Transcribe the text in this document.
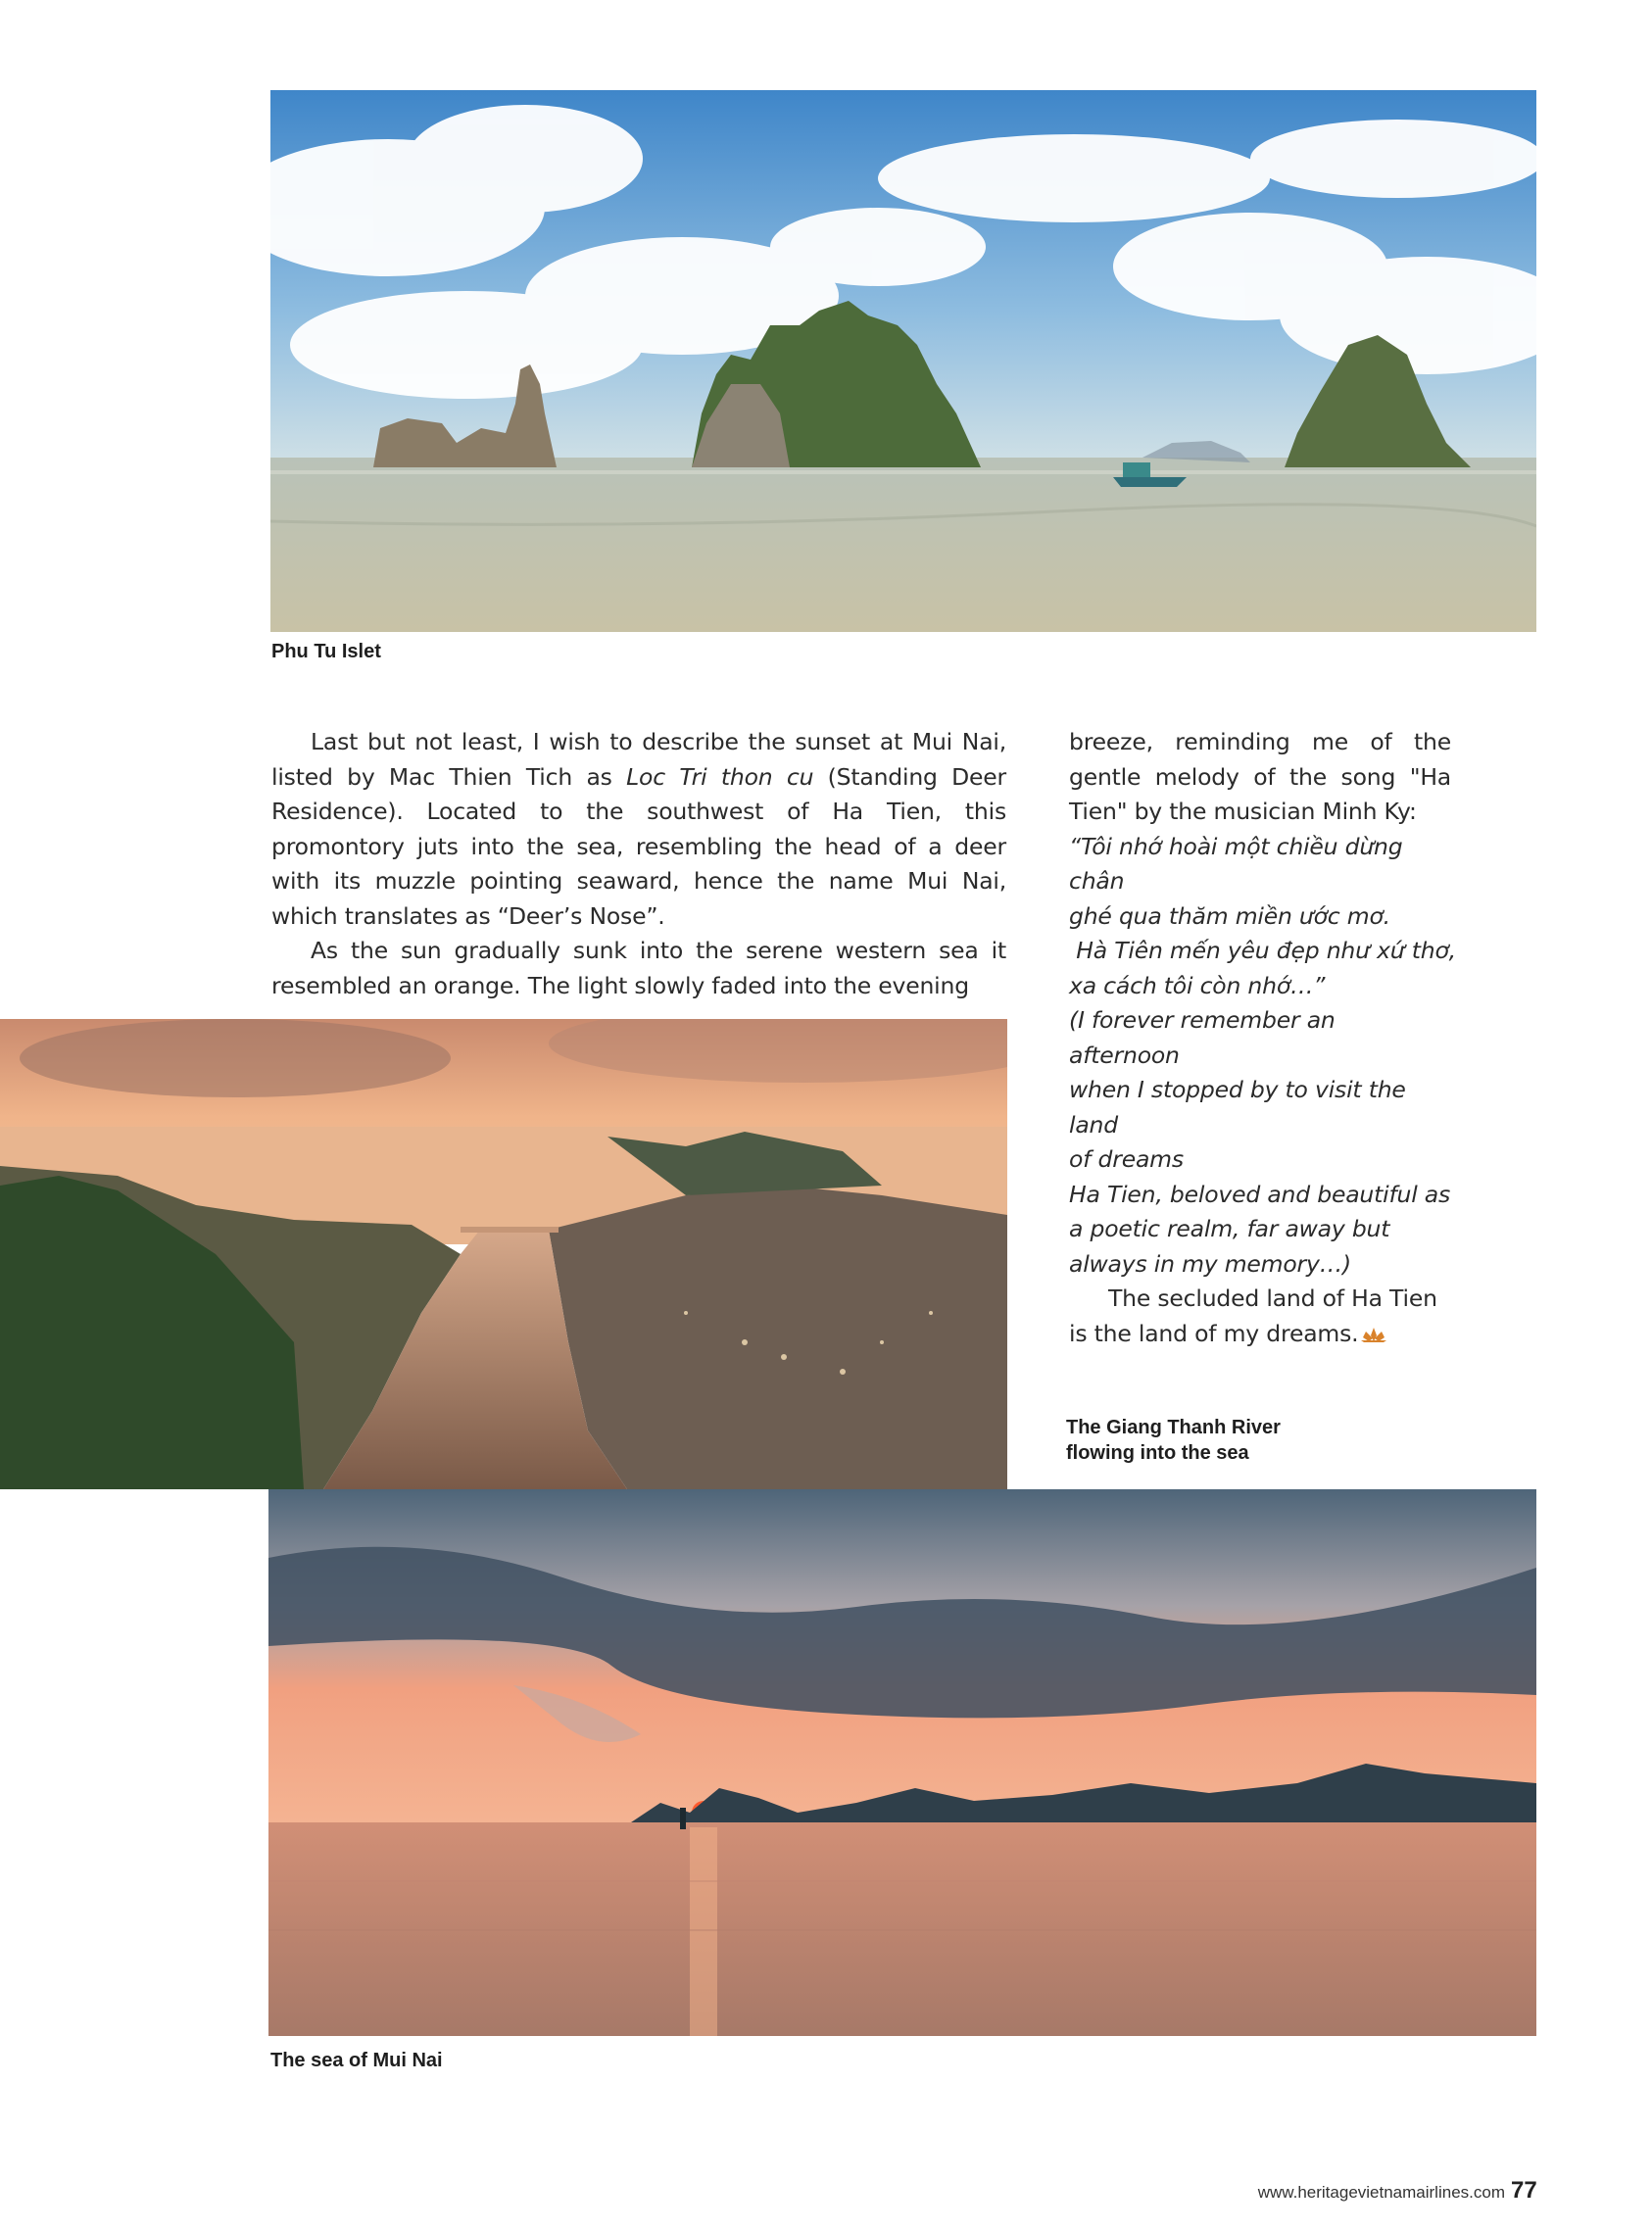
Phu Tu Islet

Last but not least, I wish to describe the sunset at Mui Nai, listed by Mac Thien Tich as Loc Tri thon cu (Standing Deer Residence). Located to the southwest of Ha Tien, this promontory juts into the sea, resembling the head of a deer with its muzzle pointing seaward, hence the name Mui Nai, which translates as “Deer’s Nose”.

As the sun gradually sunk into the serene western sea it resembled an orange. The light slowly faded into the evening

breeze, reminding me of the gentle melody of the song "Ha Tien" by the musician Minh Ky:

“Tôi nhớ hoài một chiều dừng chân

ghé qua thăm miền ước mơ.

Hà Tiên mến yêu đẹp như xứ thơ,

xa cách tôi còn nhớ…”

(I forever remember an afternoon

when I stopped by to visit the land

of dreams

Ha Tien, beloved and beautiful as

a poetic realm, far away but

always in my memory…)

The secluded land of Ha Tien is the land of my dreams.

The Giang Thanh River
flowing into the sea
The sea of Mui Nai
www.heritagevietnamairlines.com 77
